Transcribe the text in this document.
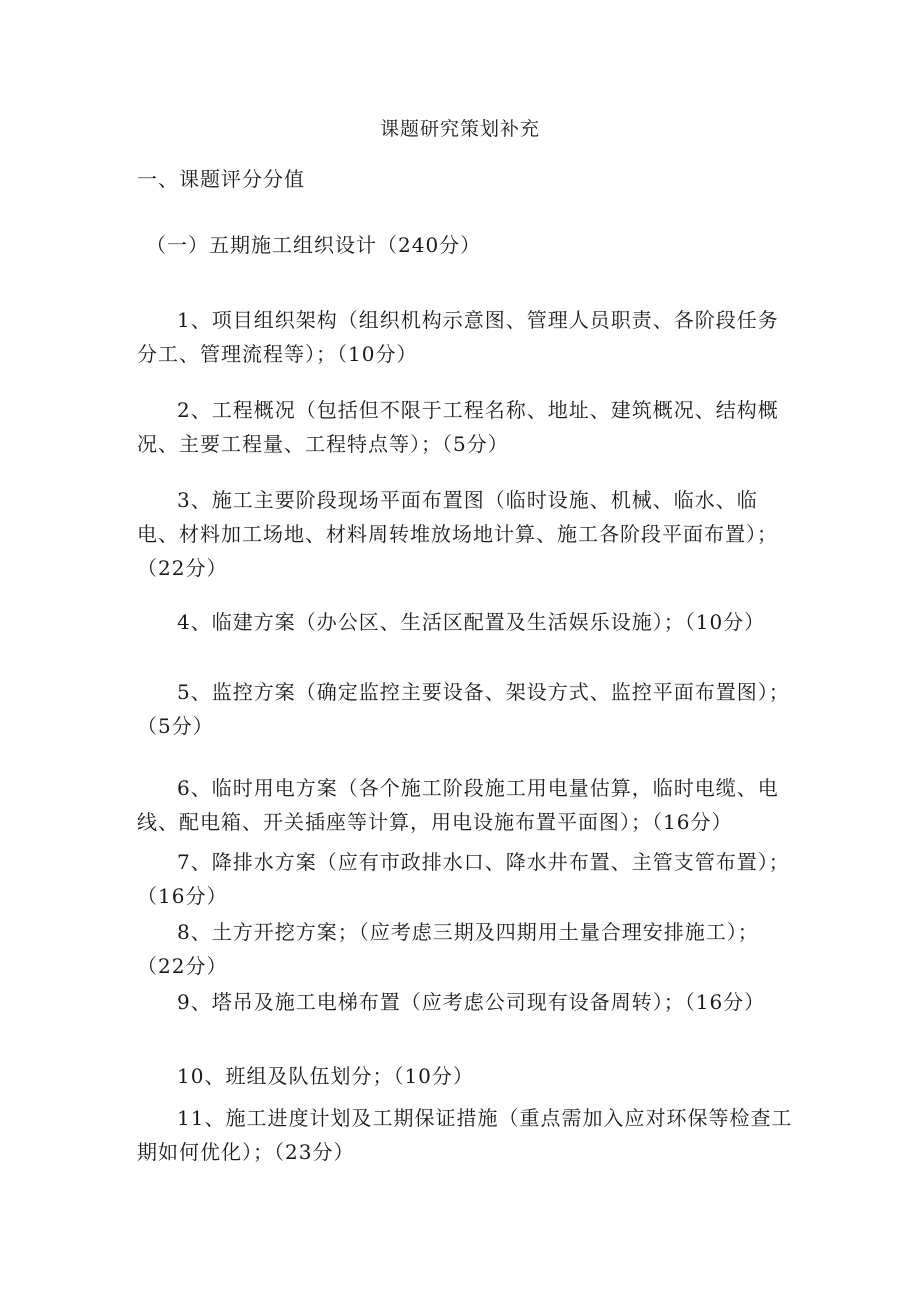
课题研究策划补充
一、课题评分分值
（一）五期施工组织设计（240分）
1、项目组织架构（组织机构示意图、管理人员职责、各阶段任务分工、管理流程等）；（10分）
2、工程概况（包括但不限于工程名称、地址、建筑概况、结构概况、主要工程量、工程特点等）；（5分）
3、施工主要阶段现场平面布置图（临时设施、机械、临水、临电、材料加工场地、材料周转堆放场地计算、施工各阶段平面布置）；（22分）
4、临建方案（办公区、生活区配置及生活娱乐设施）；（10分）
5、监控方案（确定监控主要设备、架设方式、监控平面布置图）；（5分）
6、临时用电方案（各个施工阶段施工用电量估算，临时电缆、电线、配电箱、开关插座等计算，用电设施布置平面图）；（16分）
7、降排水方案（应有市政排水口、降水井布置、主管支管布置）；（16分）
8、土方开挖方案；（应考虑三期及四期用土量合理安排施工）；（22分）
9、塔吊及施工电梯布置（应考虑公司现有设备周转）；（16分）
10、班组及队伍划分；（10分）
11、施工进度计划及工期保证措施（重点需加入应对环保等检查工期如何优化）；（23分）
